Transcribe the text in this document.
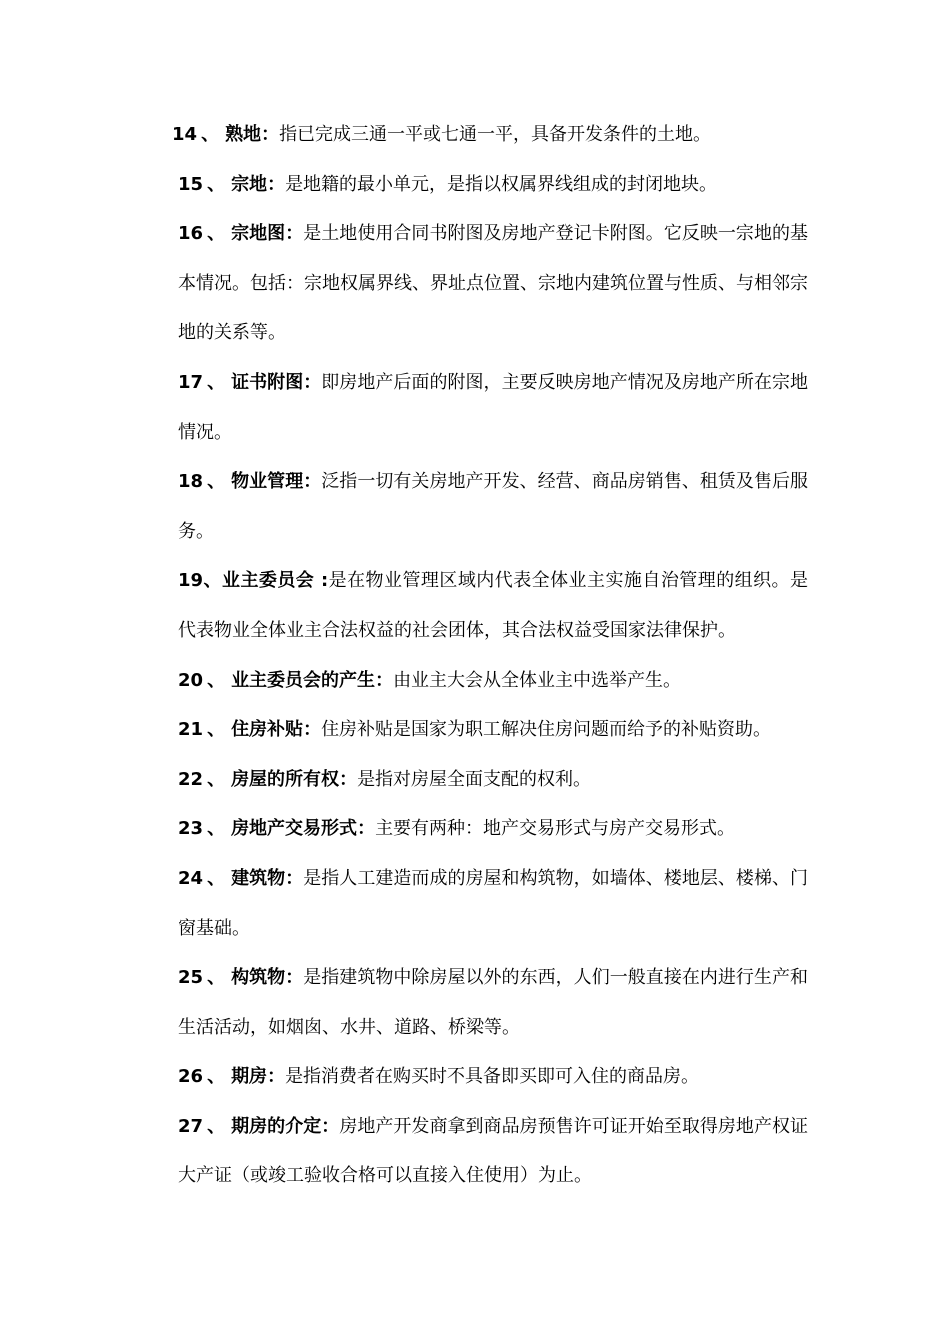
14 、 熟地：指已完成三通一平或七通一平，具备开发条件的土地。

15 、 宗地：是地籍的最小单元，是指以权属界线组成的封闭地块。

16 、 宗地图：是土地使用合同书附图及房地产登记卡附图。它反映一宗地的基本情况。包括：宗地权属界线、界址点位置、宗地内建筑位置与性质、与相邻宗地的关系等。

17 、 证书附图：即房地产后面的附图，主要反映房地产情况及房地产所在宗地情况。

18 、 物业管理：泛指一切有关房地产开发、经营、商品房销售、租赁及售后服务。

19、业主委员会 :是在物业管理区域内代表全体业主实施自治管理的组织。是代表物业全体业主合法权益的社会团体，其合法权益受国家法律保护。

20 、 业主委员会的产生：由业主大会从全体业主中选举产生。

21 、 住房补贴：住房补贴是国家为职工解决住房问题而给予的补贴资助。

22 、 房屋的所有权：是指对房屋全面支配的权利。

23 、 房地产交易形式：主要有两种：地产交易形式与房产交易形式。

24 、 建筑物：是指人工建造而成的房屋和构筑物，如墙体、楼地层、楼梯、门窗基础。

25 、 构筑物：是指建筑物中除房屋以外的东西，人们一般直接在内进行生产和生活活动，如烟囱、水井、道路、桥梁等。

26 、 期房：是指消费者在购买时不具备即买即可入住的商品房。

27 、 期房的介定：房地产开发商拿到商品房预售许可证开始至取得房地产权证大产证（或竣工验收合格可以直接入住使用）为止。
